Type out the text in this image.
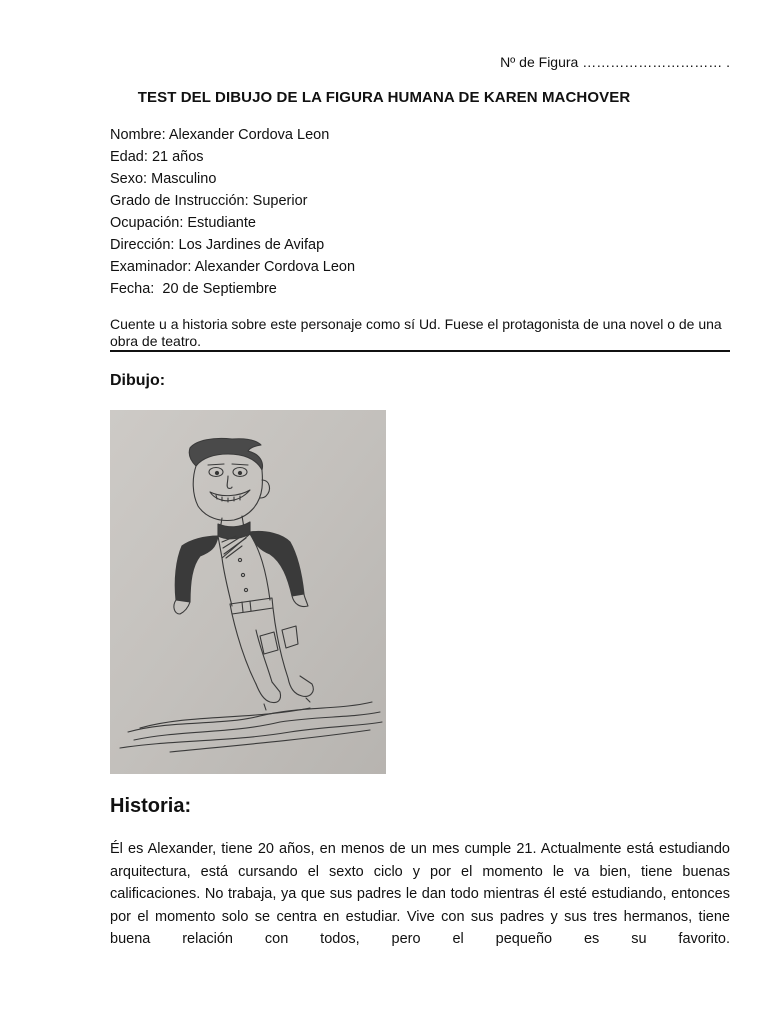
Nº de Figura ………………………… .
TEST DEL DIBUJO DE LA FIGURA HUMANA DE KAREN MACHOVER
Nombre: Alexander Cordova Leon
Edad: 21 años
Sexo: Masculino
Grado de Instrucción: Superior
Ocupación: Estudiante
Dirección: Los Jardines de Avifap
Examinador: Alexander Cordova Leon
Fecha:  20 de Septiembre
Cuente u a historia sobre este personaje como sí Ud. Fuese el protagonista de una novel o de una obra de teatro.
Dibujo:
Historia:
Él es Alexander, tiene 20 años, en menos de un mes cumple 21. Actualmente está estudiando arquitectura, está cursando el sexto ciclo y por el momento le va bien, tiene buenas calificaciones. No trabaja, ya que sus padres le dan todo mientras él esté estudiando, entonces por el momento solo se centra en estudiar. Vive con sus padres y sus tres hermanos, tiene buena relación con todos, pero el pequeño es su favorito.
